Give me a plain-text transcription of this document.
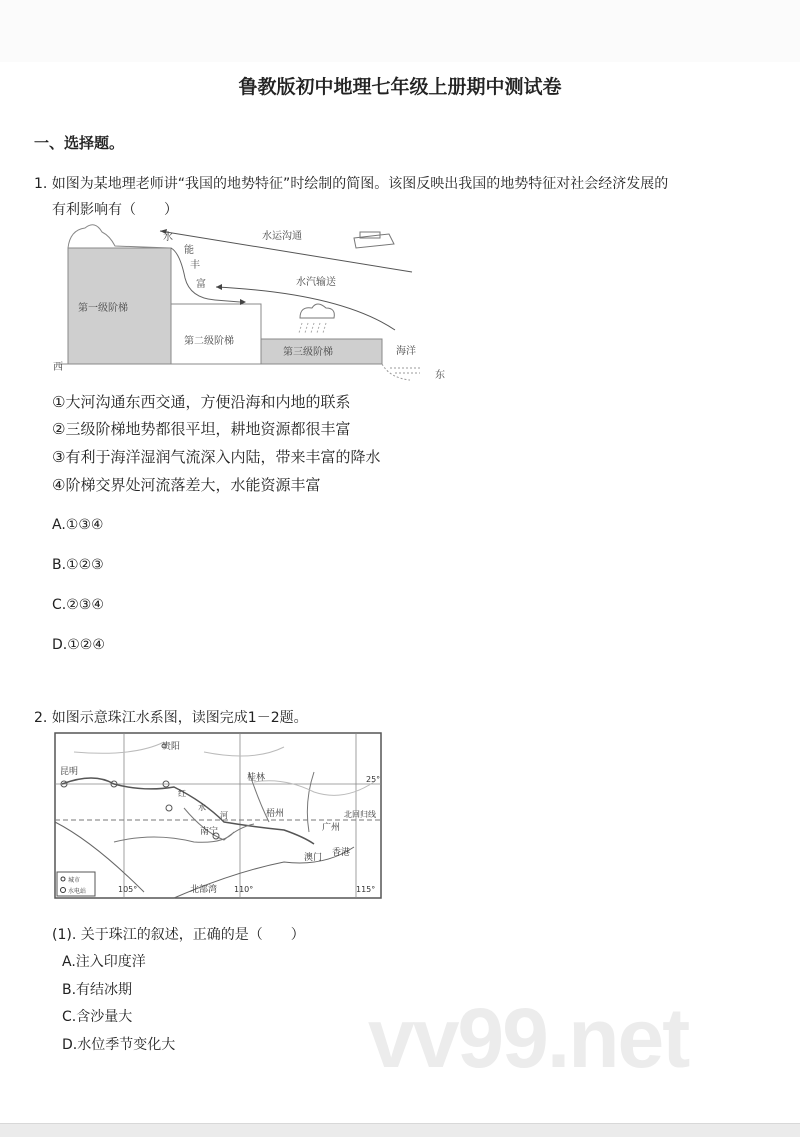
vv99.net
鲁教版初中地理七年级上册期中测试卷
一、选择题。
1. 如图为某地理老师讲“我国的地势特征”时绘制的简图。该图反映出我国的地势特征对社会经济发展的
有利影响有（　　）
第一级阶梯
第二级阶梯
第三级阶梯	海洋
西
东
水
能
丰
富
水运沟通
水汽输送
①大河沟通东西交通，方便沿海和内地的联系
②三级阶梯地势都很平坦，耕地资源都很丰富
③有利于海洋湿润气流深入内陆，带来丰富的降水
④阶梯交界处河流落差大，水能资源丰富
A.①③④
B.①②③
C.②③④
D.①②④
2. 如图示意珠江水系图，读图完成1－2题。
贵阳
昆明
桂林
梧州
南宁	广州
香港
澳门
红
水
河	北回归线
北部湾
105°	110°	115°
25°
城市
水电站
(1). 关于珠江的叙述，正确的是（　　）
A.注入印度洋
B.有结冰期
C.含沙量大
D.水位季节变化大
